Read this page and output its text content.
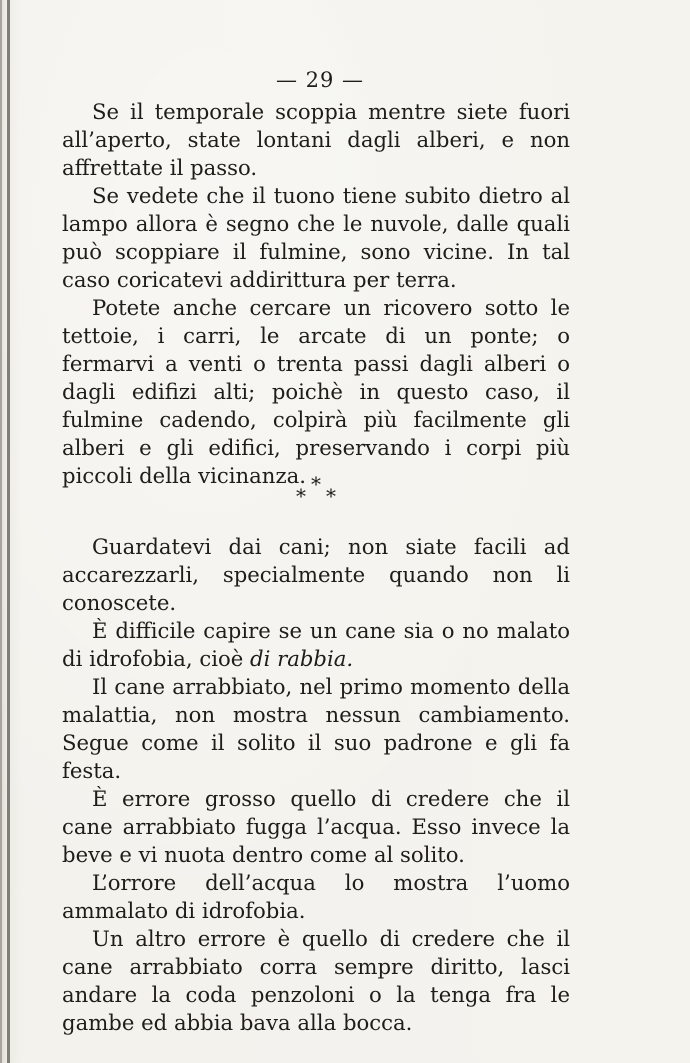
— 29 —

Se il temporale scoppia mentre siete fuori all’aperto, state lontani dagli alberi, e non affrettate il passo.

Se vedete che il tuono tiene subito dietro al lampo allora è segno che le nuvole, dalle quali può scoppiare il fulmine, sono vicine. In tal caso coricatevi addirittura per terra.

Potete anche cercare un ricovero sotto le tettoie, i carri, le arcate di un ponte; o fermarvi a venti o trenta passi dagli alberi o dagli edifizi alti; poichè in questo caso, il fulmine cadendo, colpirà più facilmente gli alberi e gli edifici, preservando i corpi più piccoli della vicinanza. *
* *

Guardatevi dai cani; non siate facili ad accarezzarli, specialmente quando non li conoscete.

È difficile capire se un cane sia o no malato di idrofobia, cioè di rabbia.

Il cane arrabbiato, nel primo momento della malattia, non mostra nessun cambiamento. Segue come il solito il suo padrone e gli fa festa.

È errore grosso quello di credere che il cane arrabbiato fugga l’acqua. Esso invece la beve e vi nuota dentro come al solito.

L’orrore dell’acqua lo mostra l’uomo ammalato di idrofobia.

Un altro errore è quello di credere che il cane arrabbiato corra sempre diritto, lasci andare la coda penzoloni o la tenga fra le gambe ed abbia bava alla bocca.
